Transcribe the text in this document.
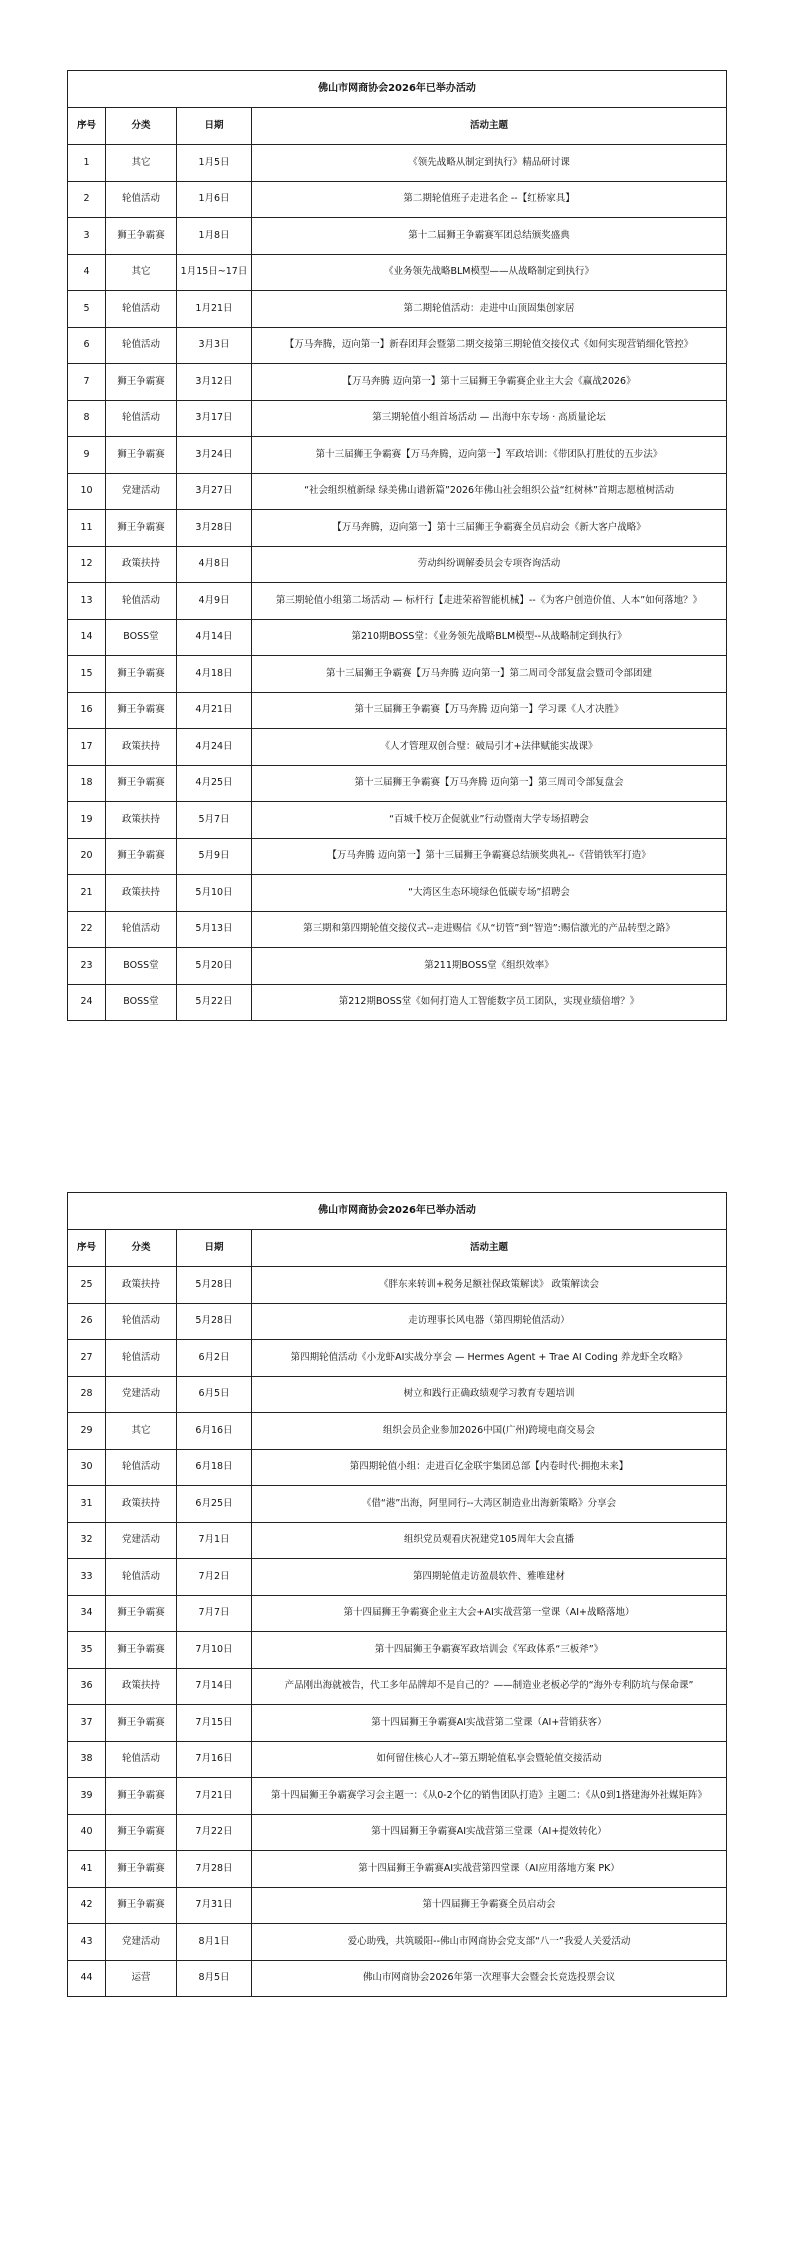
佛山市网商协会2026年已举办活动			
序号	分类	日期	活动主题
1	其它	1月5日	《领先战略从制定到执行》精品研讨课
2	轮值活动	1月6日	第二期轮值班子走进名企 --【红桥家具】
3	狮王争霸赛	1月8日	第十二届狮王争霸赛军团总结颁奖盛典
4	其它	1月15日~17日	《业务领先战略BLM模型——从战略制定到执行》
5	轮值活动	1月21日	第二期轮值活动：走进中山顶固集创家居
6	轮值活动	3月3日	【万马奔腾，迈向第一】新春团拜会暨第二期交接第三期轮值交接仪式《如何实现营销细化管控》
7	狮王争霸赛	3月12日	【万马奔腾 迈向第一】第十三届狮王争霸赛企业主大会《赢战2026》
8	轮值活动	3月17日	第三期轮值小组首场活动 — 出海中东专场 · 高质量论坛
9	狮王争霸赛	3月24日	第十三届狮王争霸赛【万马奔腾，迈向第一】军政培训：《带团队打胜仗的五步法》
10	党建活动	3月27日	“社会组织植新绿 绿美佛山谱新篇”2026年佛山社会组织公益“红树林”首期志愿植树活动
11	狮王争霸赛	3月28日	【万马奔腾，迈向第一】第十三届狮王争霸赛全员启动会《新大客户战略》
12	政策扶持	4月8日	劳动纠纷调解委员会专项咨询活动
13	轮值活动	4月9日	第三期轮值小组第二场活动 — 标杆行【走进荣裕智能机械】--《为客户创造价值、人本”如何落地？》
14	BOSS堂	4月14日	第210期BOSS堂：《业务领先战略BLM模型--从战略制定到执行》
15	狮王争霸赛	4月18日	第十三届狮王争霸赛【万马奔腾 迈向第一】第二周司令部复盘会暨司令部团建
16	狮王争霸赛	4月21日	第十三届狮王争霸赛【万马奔腾 迈向第一】学习课《人才决胜》
17	政策扶持	4月24日	《人才管理双创合璧：破局引才+法律赋能实战课》
18	狮王争霸赛	4月25日	第十三届狮王争霸赛【万马奔腾 迈向第一】第三周司令部复盘会
19	政策扶持	5月7日	“百城千校万企促就业”行动暨南大学专场招聘会
20	狮王争霸赛	5月9日	【万马奔腾 迈向第一】第十三届狮王争霸赛总结颁奖典礼--《营销铁军打造》
21	政策扶持	5月10日	“大湾区生态环境绿色低碳专场”招聘会
22	轮值活动	5月13日	第三期和第四期轮值交接仪式--走进赐信《从“切管”到“智造”:赐信激光的产品转型之路》
23	BOSS堂	5月20日	第211期BOSS堂《组织效率》
24	BOSS堂	5月22日	第212期BOSS堂《如何打造人工智能数字员工团队，实现业绩倍增？》
佛山市网商协会2026年已举办活动			
序号	分类	日期	活动主题
25	政策扶持	5月28日	《胖东来转训+税务足额社保政策解读》 政策解读会
26	轮值活动	5月28日	走访理事长风电器（第四期轮值活动）
27	轮值活动	6月2日	第四期轮值活动《小龙虾AI实战分享会 — Hermes Agent + Trae AI Coding 养龙虾全攻略》
28	党建活动	6月5日	树立和践行正确政绩观学习教育专题培训
29	其它	6月16日	组织会员企业参加2026中国(广州)跨境电商交易会
30	轮值活动	6月18日	第四期轮值小组：走进百亿金联宇集团总部【内卷时代·拥抱未来】
31	政策扶持	6月25日	《借“港”出海，阿里同行--大湾区制造业出海新策略》分享会
32	党建活动	7月1日	组织党员观看庆祝建党105周年大会直播
33	轮值活动	7月2日	第四期轮值走访盈晨软件、雅唯建材
34	狮王争霸赛	7月7日	第十四届狮王争霸赛企业主大会+AI实战营第一堂课（AI+战略落地）
35	狮王争霸赛	7月10日	第十四届狮王争霸赛军政培训会《军政体系“三板斧”》
36	政策扶持	7月14日	产品刚出海就被告，代工多年品牌却不是自己的？——制造业老板必学的“海外专利防坑与保命课”
37	狮王争霸赛	7月15日	第十四届狮王争霸赛AI实战营第二堂课（AI+营销获客）
38	轮值活动	7月16日	如何留住核心人才--第五期轮值私享会暨轮值交接活动
39	狮王争霸赛	7月21日	第十四届狮王争霸赛学习会主题一：《从0-2个亿的销售团队打造》主题二：《从0到1搭建海外社媒矩阵》
40	狮王争霸赛	7月22日	第十四届狮王争霸赛AI实战营第三堂课（AI+提效转化）
41	狮王争霸赛	7月28日	第十四届狮王争霸赛AI实战营第四堂课（AI应用落地方案 PK）
42	狮王争霸赛	7月31日	第十四届狮王争霸赛全员启动会
43	党建活动	8月1日	爱心助残，共筑暖阳--佛山市网商协会党支部“八一”我爱人关爱活动
44	运营	8月5日	佛山市网商协会2026年第一次理事大会暨会长竞选投票会议
